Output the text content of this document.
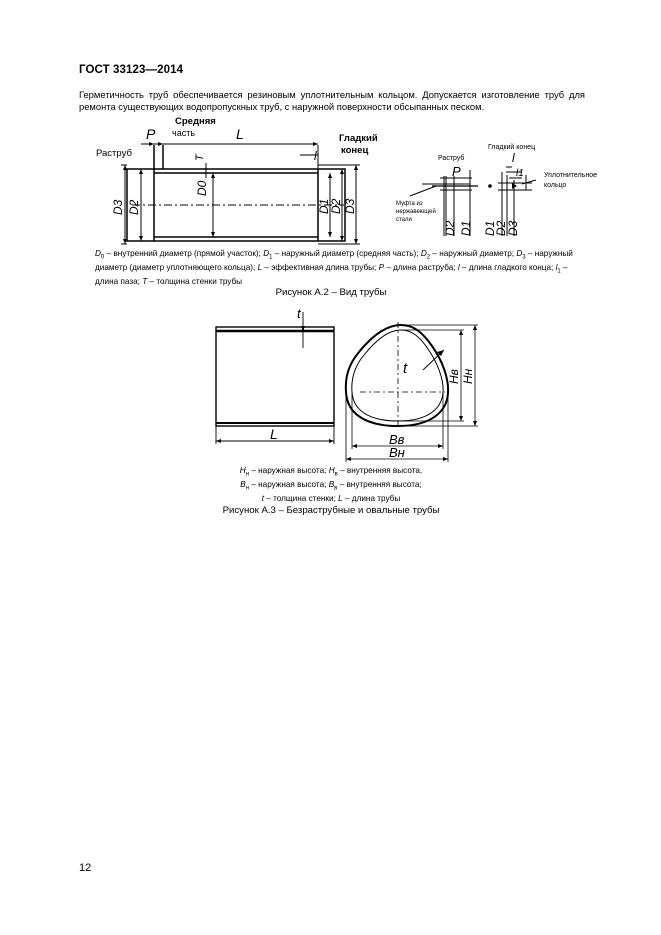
ГОСТ 33123—2014
Герметичность труб обеспечивается резиновым уплотнительным кольцом. Допускается изготовление труб для ремонта существующих водопропускных труб, с наружной поверхности обсыпанных песком.
Раструб
Средняя
часть	Гладкий
конец
P	L
T	l
D0
D3 D2	D1
D2 D3
Раструб
Гладкий конец
Уплотнительное
кольцо
Муфта из
нержавеющей
стали
P
l
l1
D2 D1 D1
D2
D3
$D_0$ – внутренний диаметр (прямой участок); $D_1$ – наружный диаметр (средняя часть); $D_2$ – наружный диаметр; $D_3$ – наружный диаметр (диаметр уплотняющего кольца); L – эффективная длина трубы; P – длина раструба; l – длина гладкого конца; $l_1$ – длина паза; T – толщина стенки трубы
Рисунок А.2 – Вид трубы
t
L
t	Hв Hн
Bв
Bн
$H_н$ – наружная высота; $H_в$ – внутренняя высота,
$B_н$ – наружная высота; $B_в$ – внутренняя высота;
t – толщина стенки; L – длина трубы
Рисунок А.3 – Безраструбные и овальные трубы
12
